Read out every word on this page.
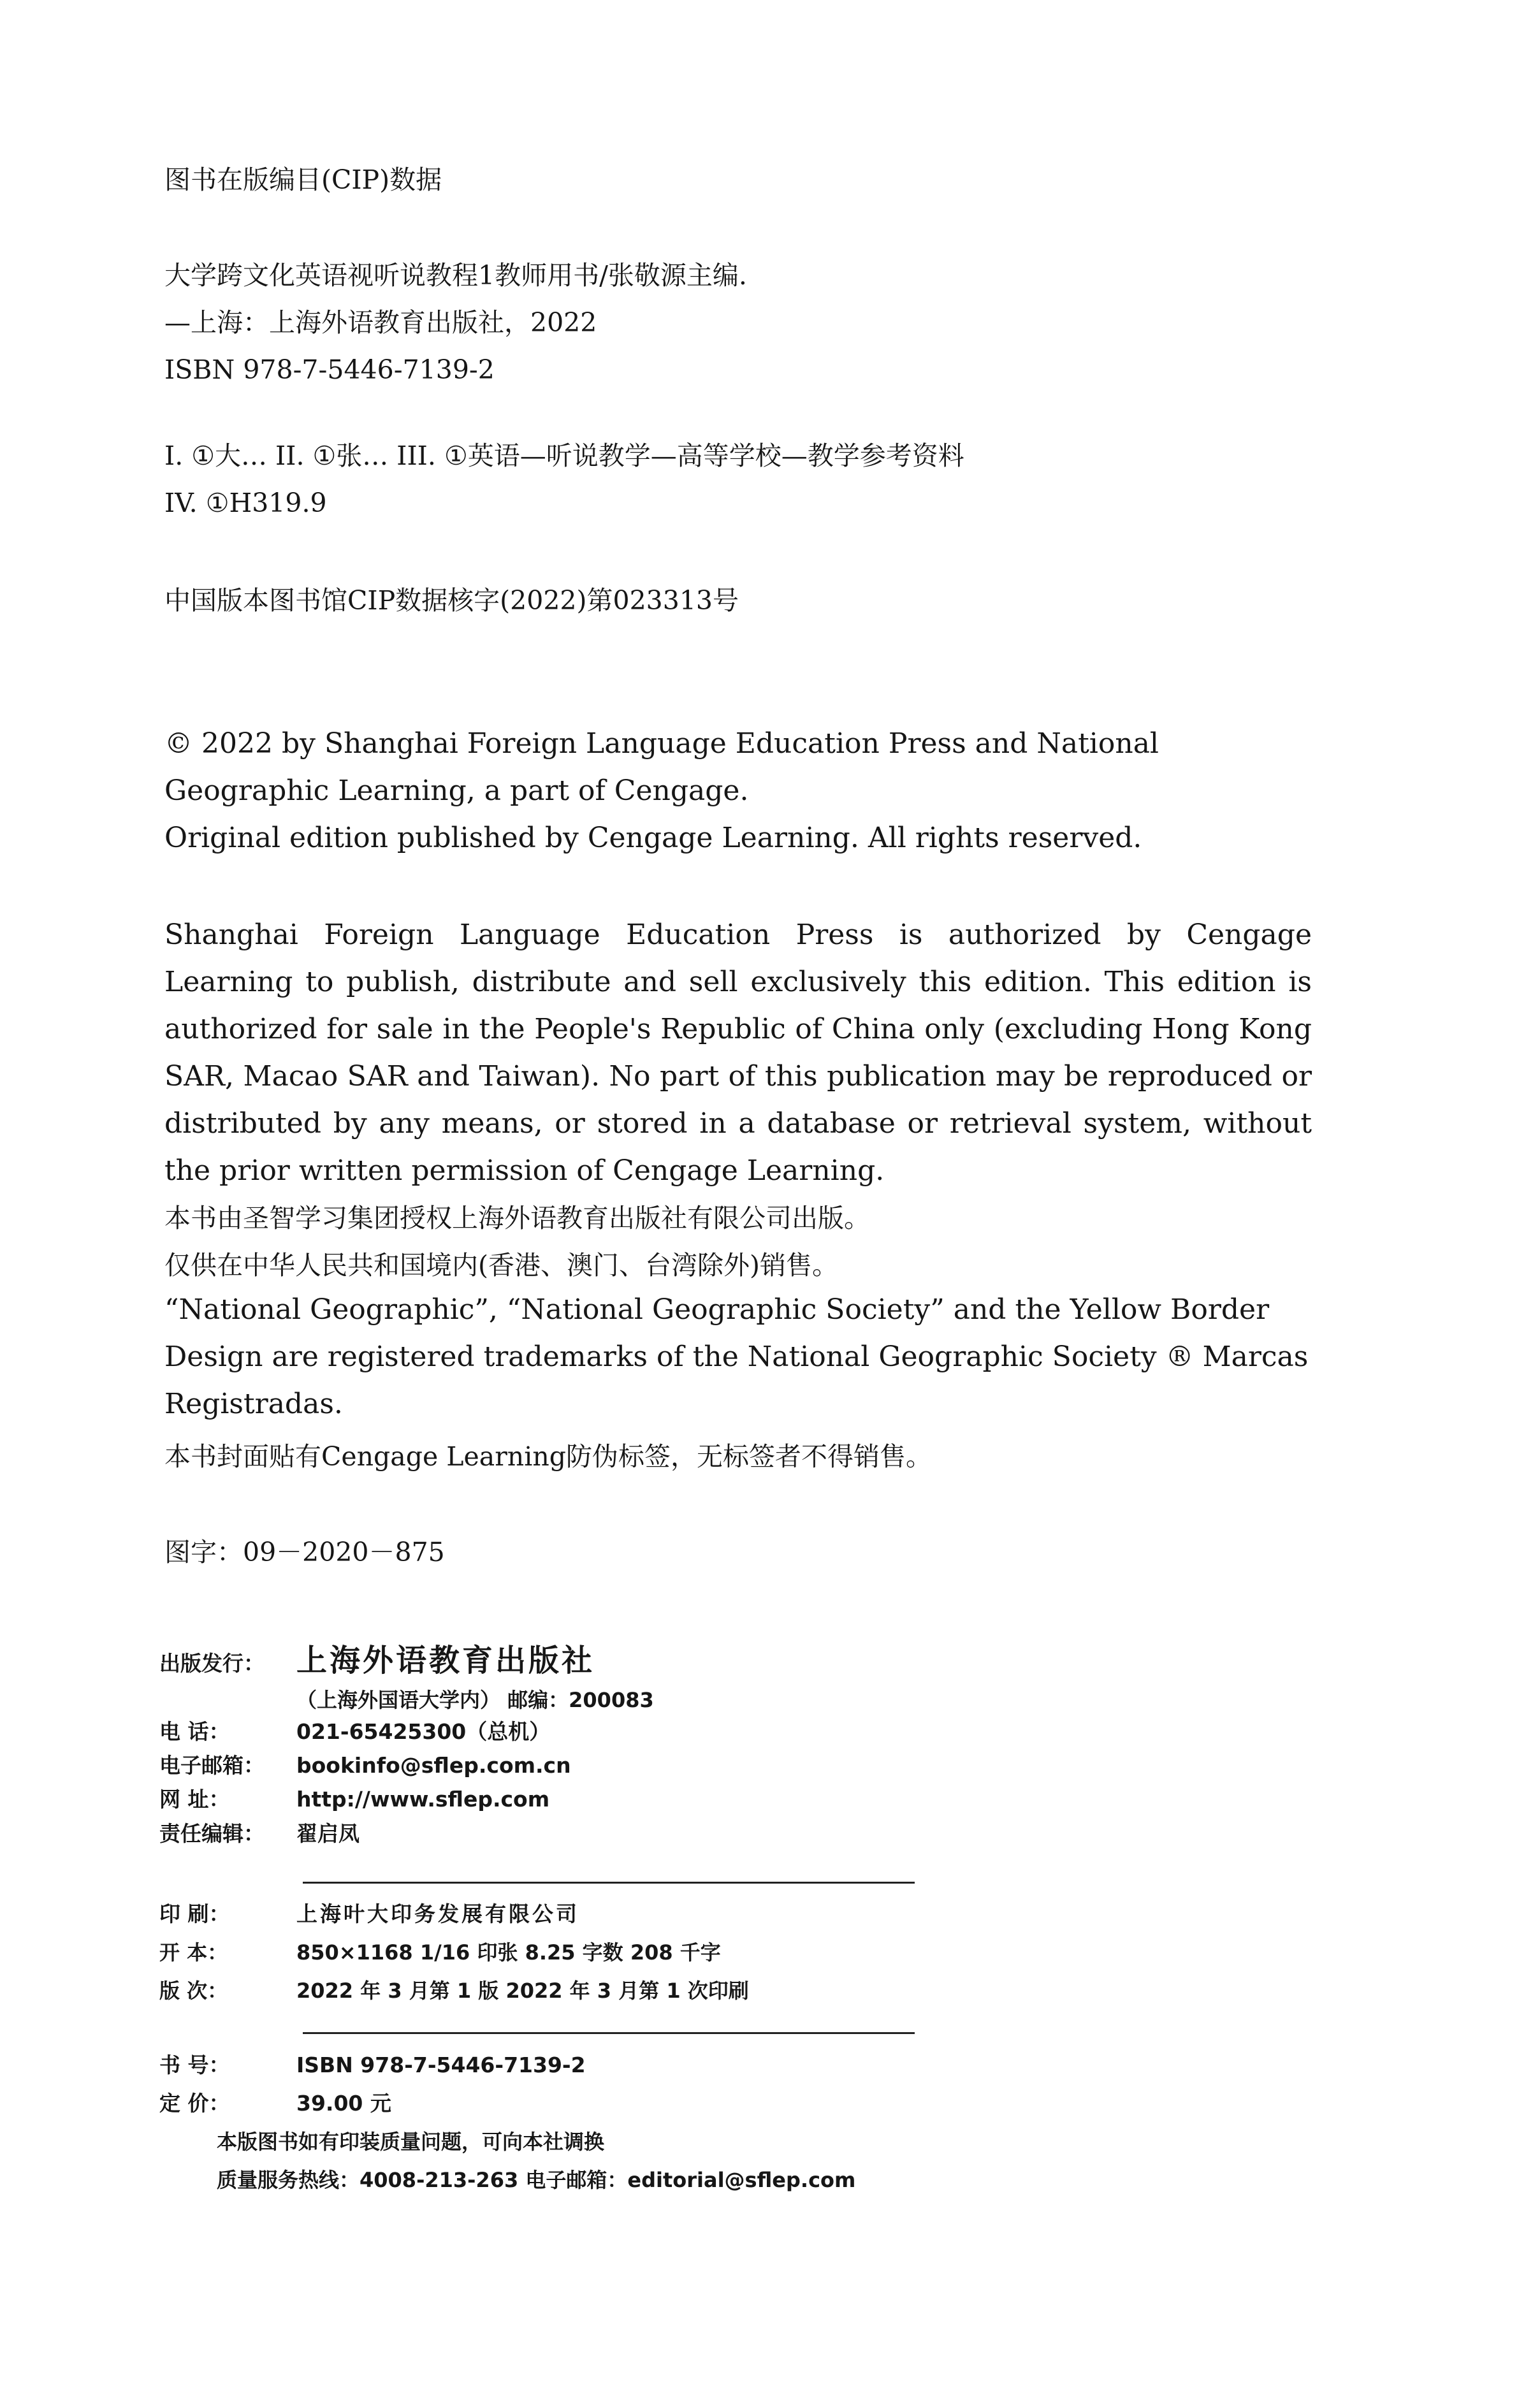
图书在版编目(CIP)数据
大学跨文化英语视听说教程1教师用书/张敬源主编.
—上海：上海外语教育出版社，2022
ISBN 978-7-5446-7139-2
I. ①大… II. ①张… III. ①英语—听说教学—高等学校—教学参考资料
IV. ①H319.9
中国版本图书馆CIP数据核字(2022)第023313号
© 2022 by Shanghai Foreign Language Education Press and National Geographic Learning, a part of Cengage.
Original edition published by Cengage Learning. All rights reserved.
Shanghai Foreign Language Education Press is authorized by Cengage Learning to publish, distribute and sell exclusively this edition. This edition is authorized for sale in the People's Republic of China only (excluding Hong Kong SAR, Macao SAR and Taiwan). No part of this publication may be reproduced or distributed by any means, or stored in a database or retrieval system, without the prior written permission of Cengage Learning.
本书由圣智学习集团授权上海外语教育出版社有限公司出版。
仅供在中华人民共和国境内(香港、澳门、台湾除外)销售。
“National Geographic”, “National Geographic Society” and the Yellow Border Design are registered trademarks of the National Geographic Society ® Marcas Registradas.
本书封面贴有Cengage Learning防伪标签，无标签者不得销售。
图字：09－2020－875
出版发行： 上海外语教育出版社
（上海外国语大学内） 邮编：200083
电 话：	021-65425300（总机）
电子邮箱： bookinfo@sflep.com.cn
网 址：	http://www.sflep.com
责任编辑： 翟启凤
印 刷：	上海叶大印务发展有限公司
开 本：	850×1168 1/16 印张 8.25 字数 208 千字
版 次：	2022 年 3 月第 1 版 2022 年 3 月第 1 次印刷
书 号：	ISBN 978-7-5446-7139-2
定 价：	39.00 元
本版图书如有印装质量问题，可向本社调换
质量服务热线：4008-213-263 电子邮箱：editorial@sflep.com
